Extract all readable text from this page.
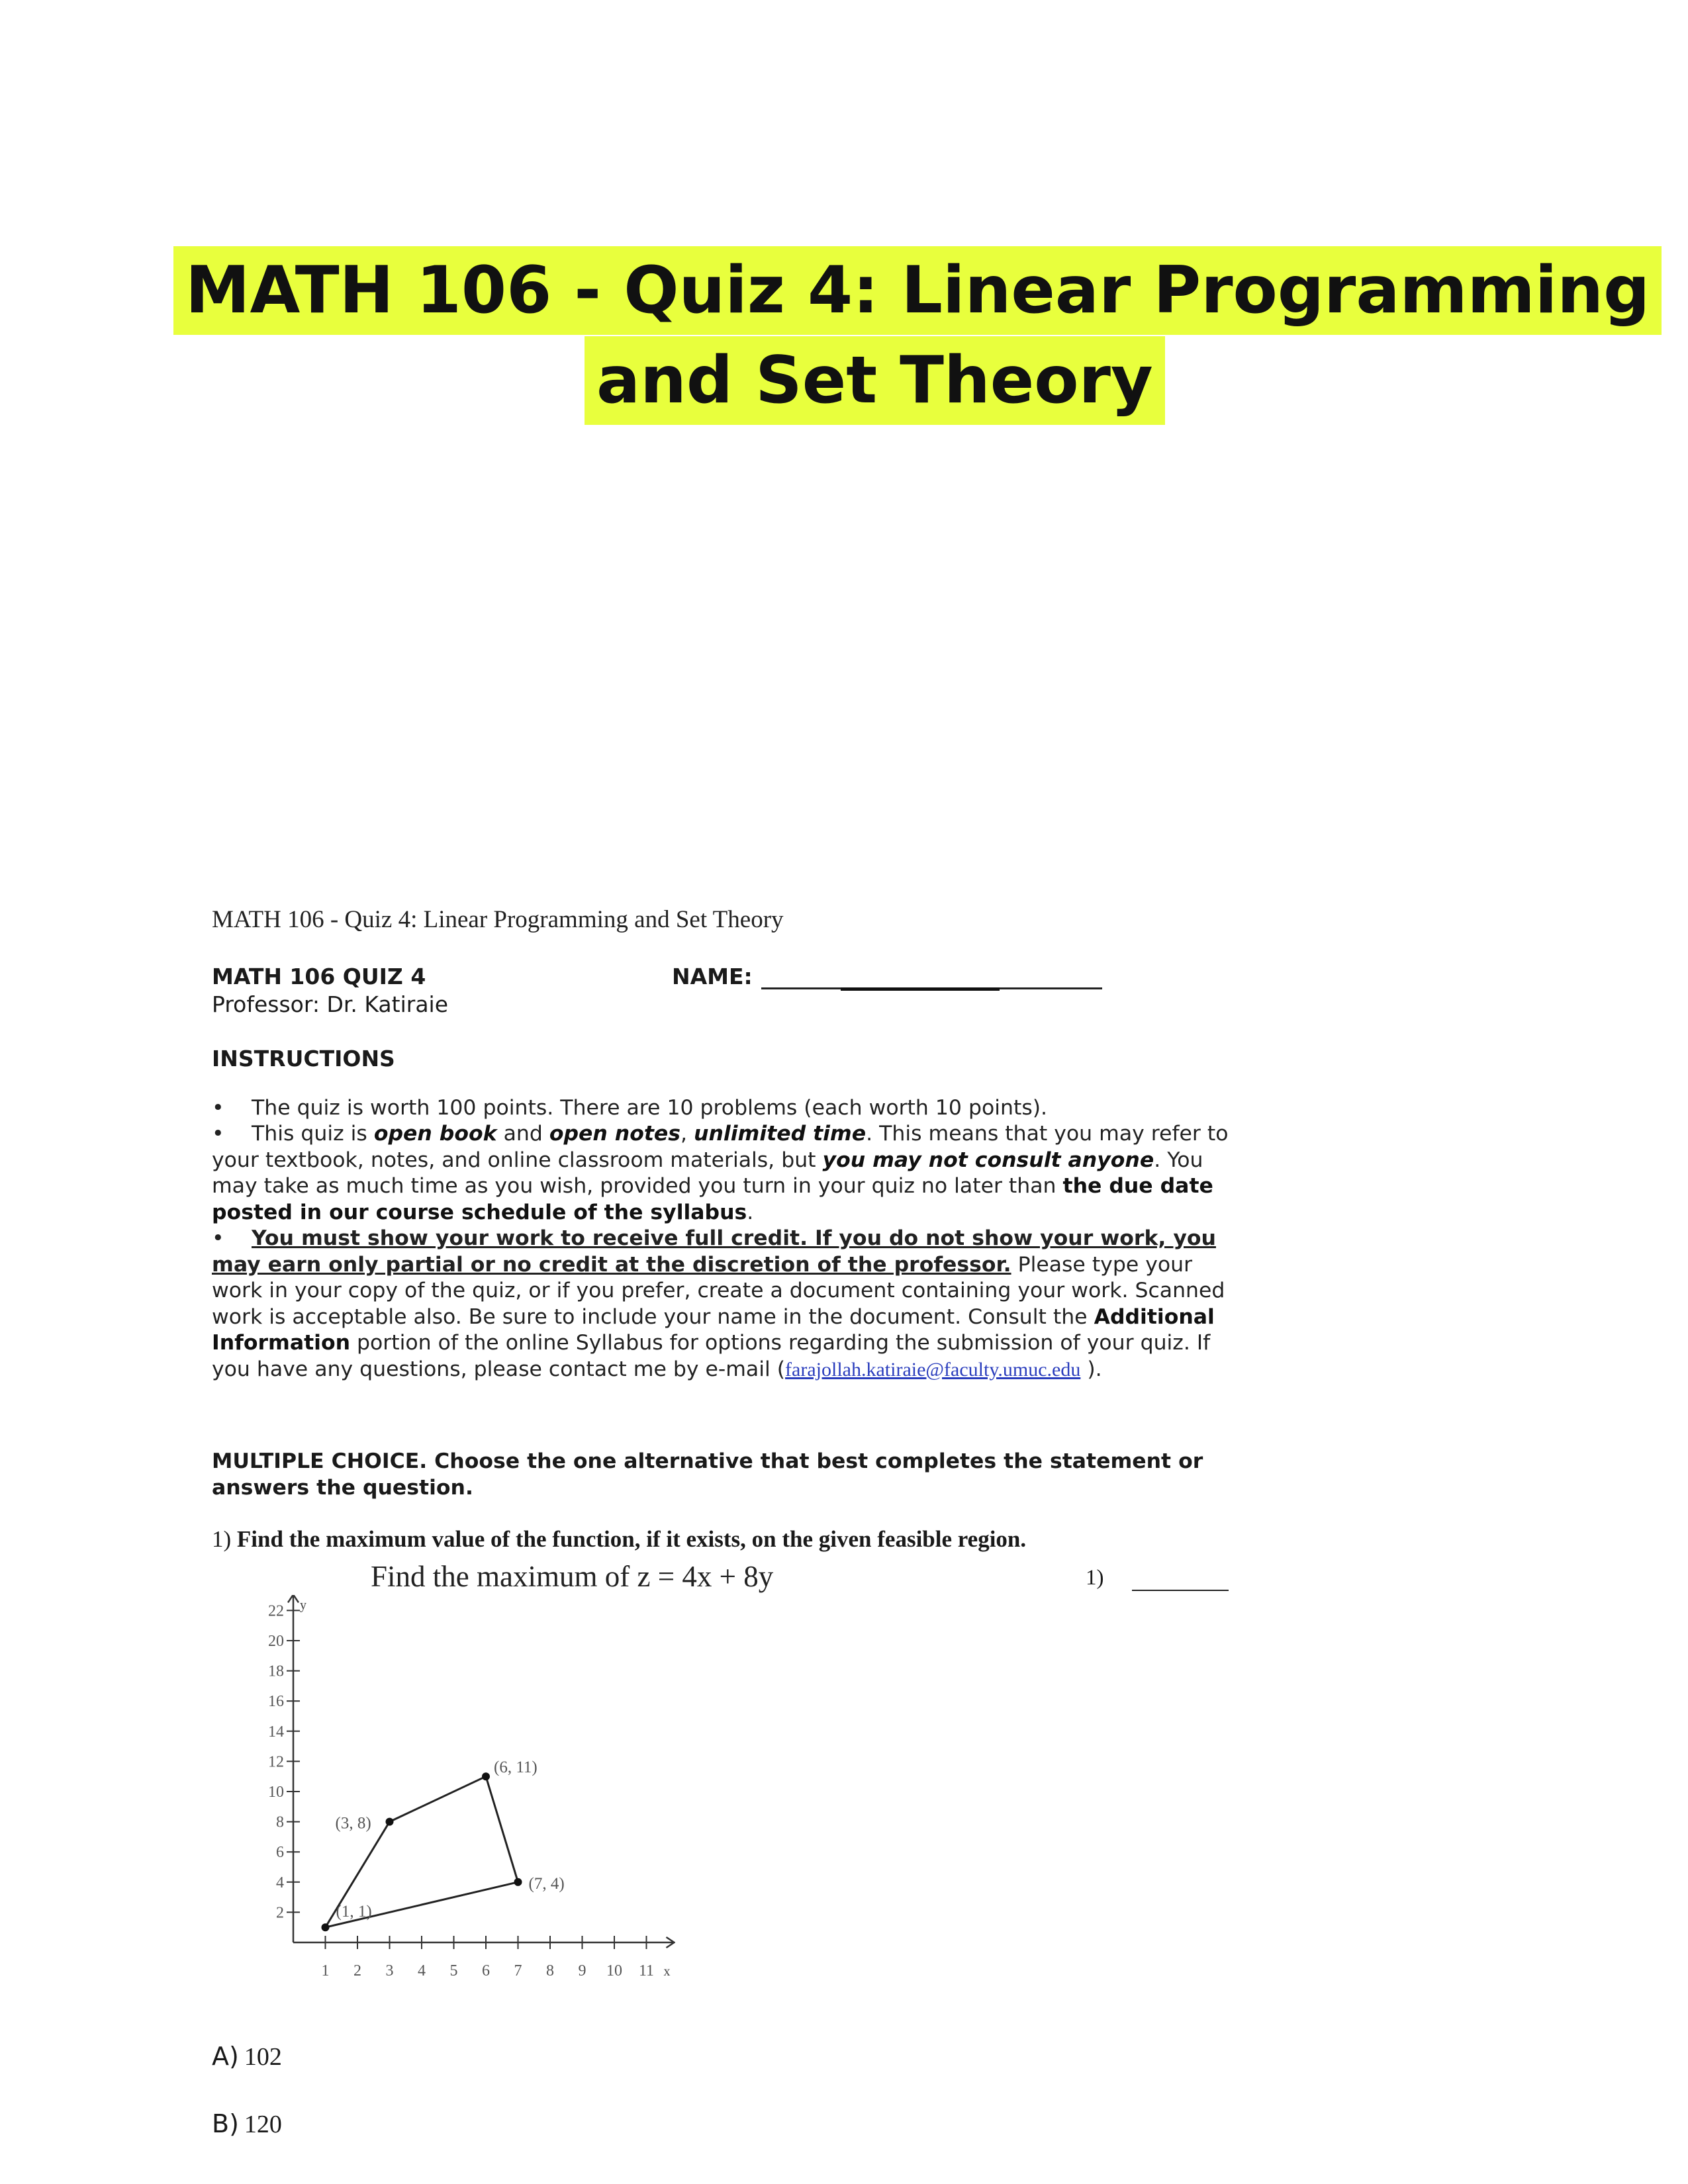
MATH 106 - Quiz 4: Linear Programming
and Set Theory
MATH 106 - Quiz 4: Linear Programming and Set Theory
MATH 106 QUIZ 4	NAME:
Professor: Dr. Katiraie
INSTRUCTIONS
• The quiz is worth 100 points. There are 10 problems (each worth 10 points).
• This quiz is open book and open notes, unlimited time. This means that you may refer to your textbook, notes, and online classroom materials, but you may not consult anyone. You may take as much time as you wish, provided you turn in your quiz no later than the due date posted in our course schedule of the syllabus.
• You must show your work to receive full credit. If you do not show your work, you may earn only partial or no credit at the discretion of the professor. Please type your work in your copy of the quiz, or if you prefer, create a document containing your work. Scanned work is acceptable also. Be sure to include your name in the document. Consult the Additional Information portion of the online Syllabus for options regarding the submission of your quiz. If you have any questions, please contact me by e-mail (farajollah.katiraie@faculty.umuc.edu ).
MULTIPLE CHOICE. Choose the one alternative that best completes the statement or answers the question.
1) Find the maximum value of the function, if it exists, on the given feasible region.
Find the maximum of z = 4x + 8y	1)
y
x
2
4
6
8
10
12
14
16
18
20
22
1 2 3 4 5 6 7 8 9 10 11
(1, 1)
(3, 8)
(6, 11)
(7, 4)
A) 102
B) 120
